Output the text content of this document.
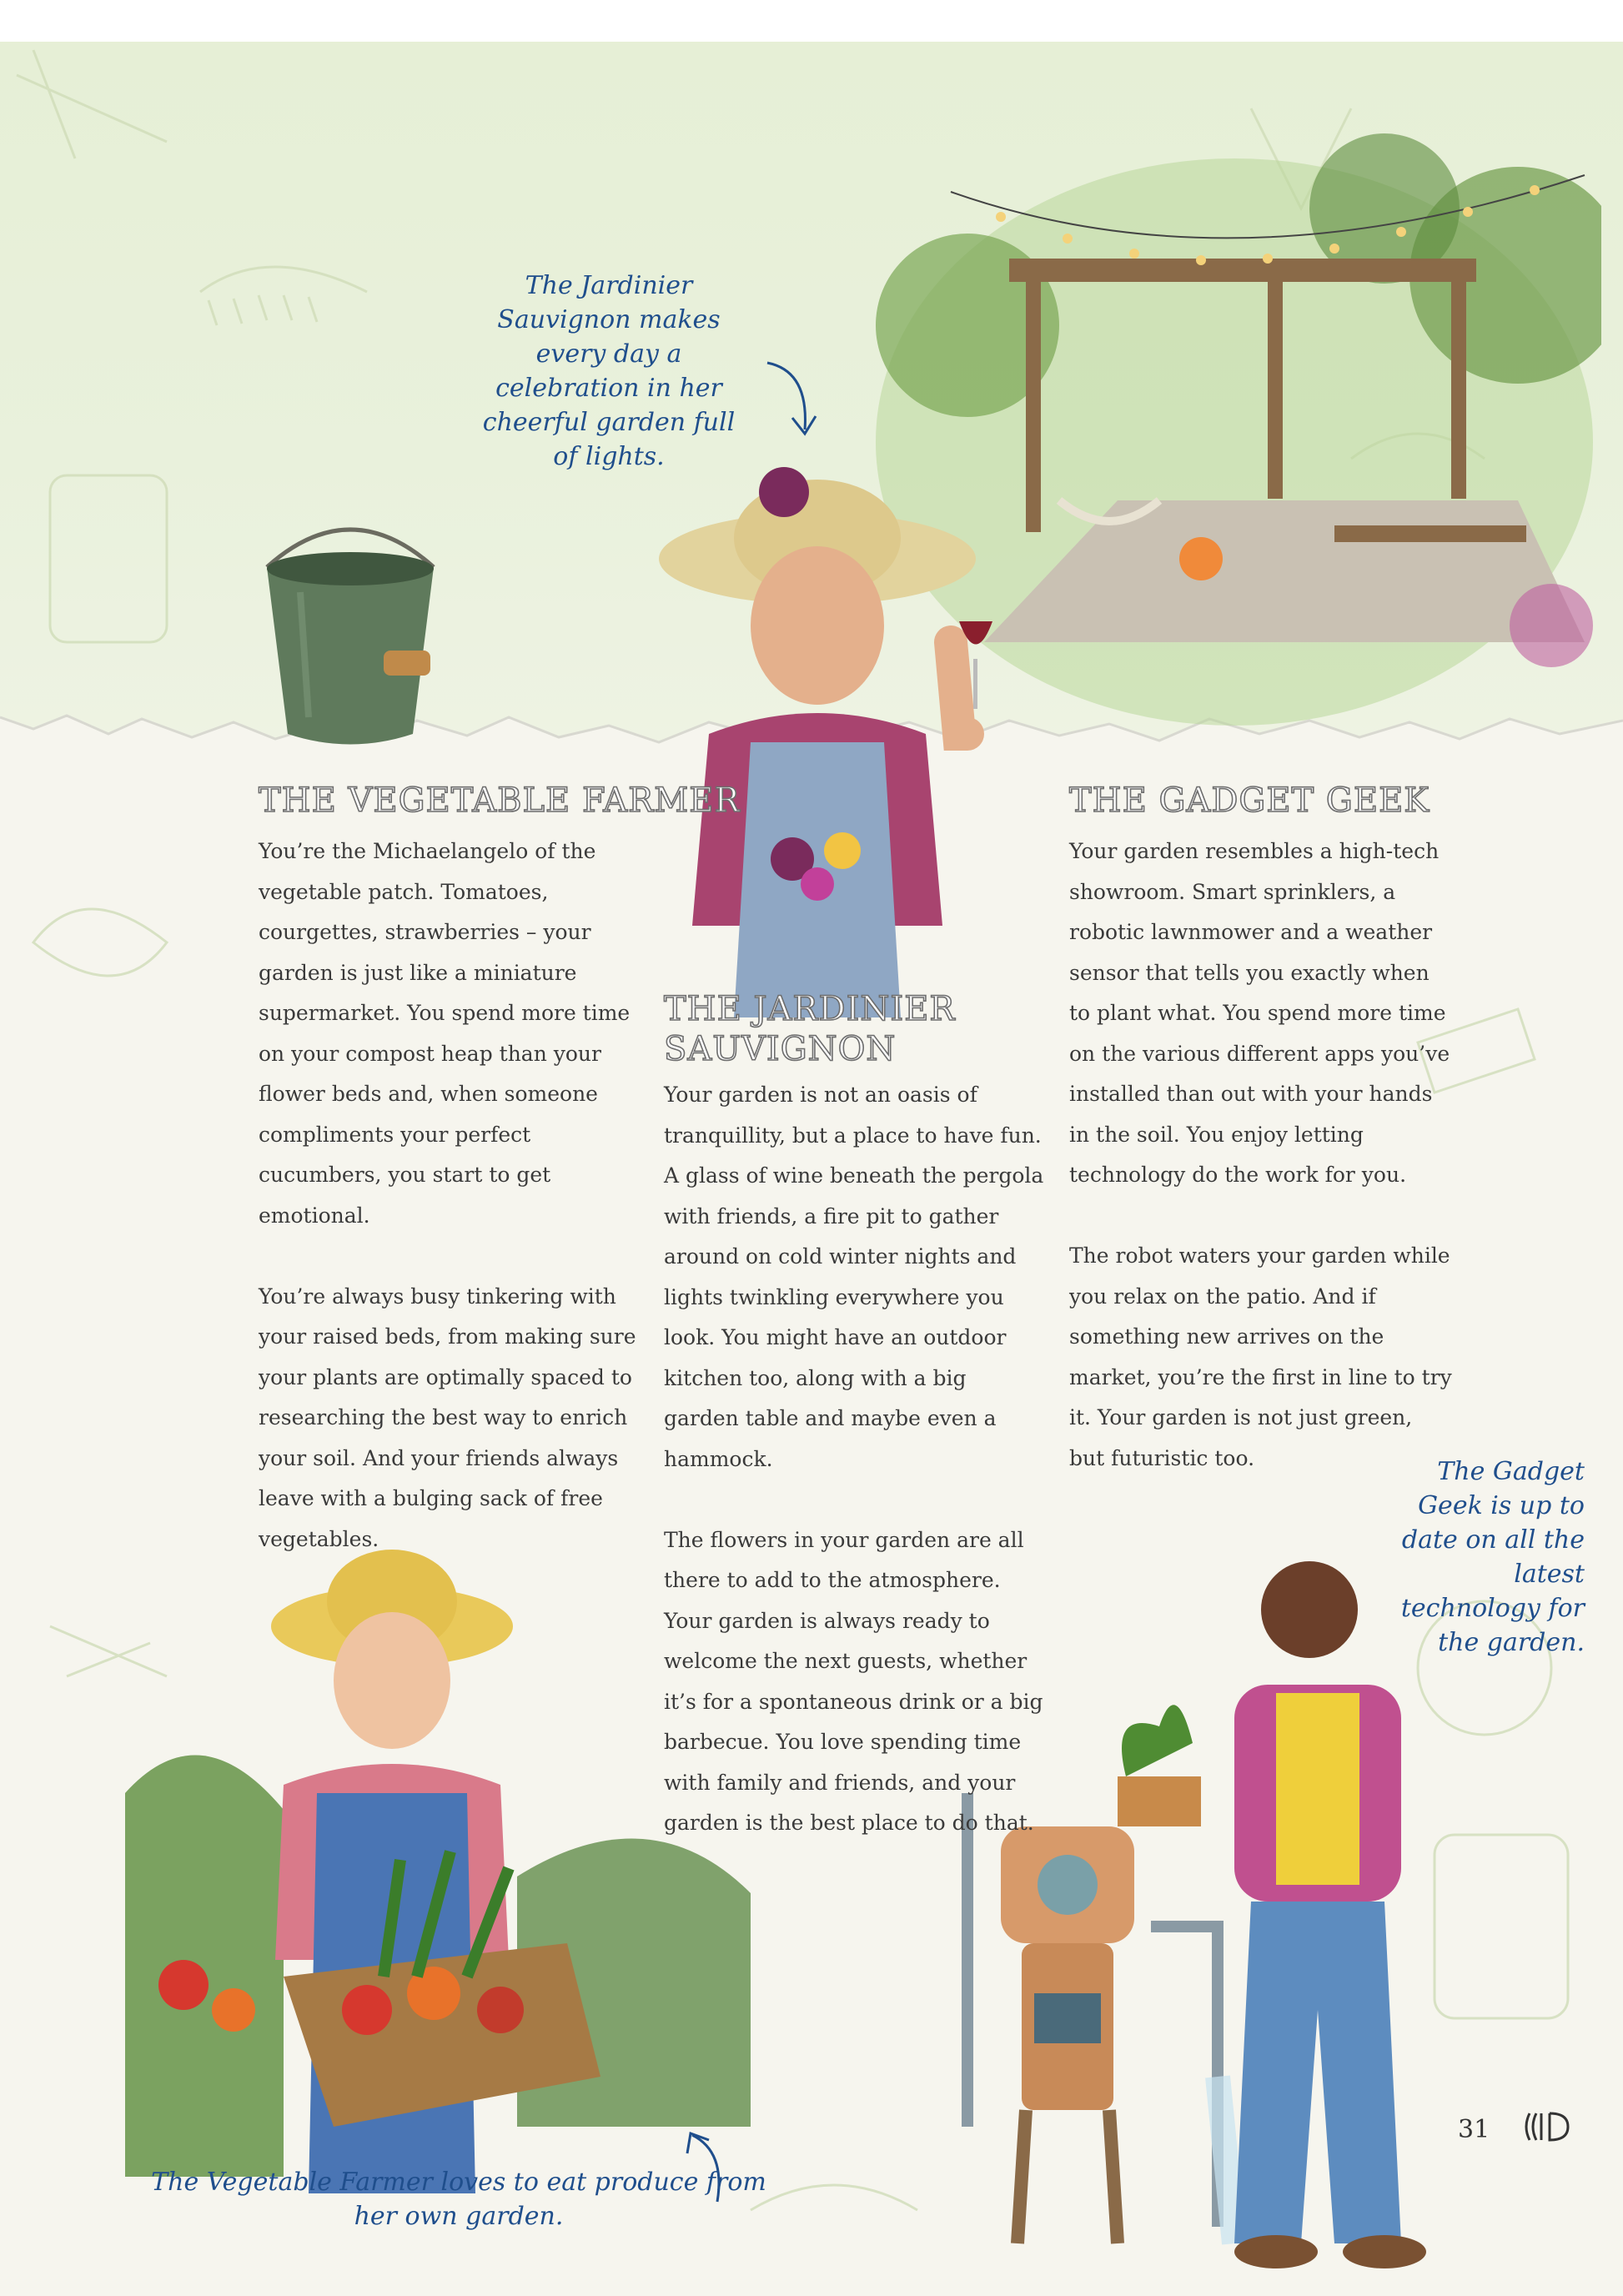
The Jardinier Sauvignon makes every day a celebration in her cheerful garden full of lights.

The Gadget Geek is up to date on all the latest technology for the garden.

The Vegetable Farmer loves to eat produce from her own garden.

THE VEGETABLE FARMER

You’re the Michaelangelo of the vegetable patch. Tomatoes, courgettes, strawberries – your garden is just like a miniature supermarket. You spend more time on your compost heap than your flower beds and, when someone compliments your perfect cucumbers, you start to get emotional.

You’re always busy tinkering with your raised beds, from making sure your plants are optimally spaced to researching the best way to enrich your soil. And your friends always leave with a bulging sack of free vegetables.

THE JARDINIER
SAUVIGNON

Your garden is not an oasis of tranquillity, but a place to have fun. A glass of wine beneath the pergola with friends, a fire pit to gather around on cold winter nights and lights twinkling everywhere you look. You might have an outdoor kitchen too, along with a big garden table and maybe even a hammock.

The flowers in your garden are all there to add to the atmosphere. Your garden is always ready to welcome the next guests, whether it’s for a spontaneous drink or a big barbecue. You love spending time with family and friends, and your garden is the best place to do that.

THE GADGET GEEK

Your garden resembles a high-tech showroom. Smart sprinklers, a robotic lawnmower and a weather sensor that tells you exactly when to plant what. You spend more time on the various different apps you’ve installed than out with your hands in the soil. You enjoy letting technology do the work for you.

The robot waters your garden while you relax on the patio. And if something new arrives on the market, you’re the first in line to try it. Your garden is not just green, but futuristic too.

31
